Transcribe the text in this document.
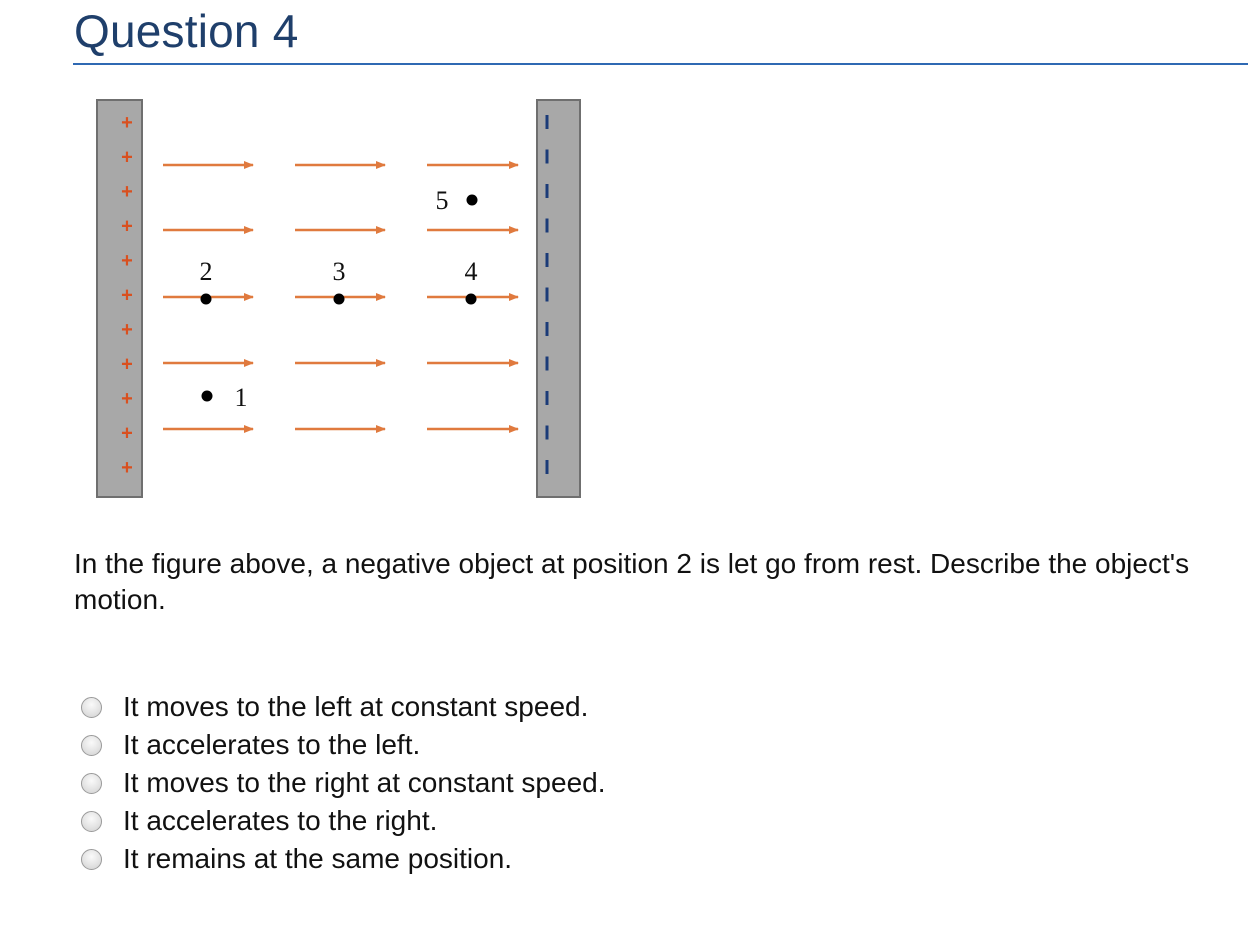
Question 4
+
+
+
+
+
+
+
+
+
+
+
2	3	4
5
1

In the figure above, a negative object at position 2 is let go from rest. Describe the object's motion.

It moves to the left at constant speed.
It accelerates to the left.
It moves to the right at constant speed.
It accelerates to the right.
It remains at the same position.
